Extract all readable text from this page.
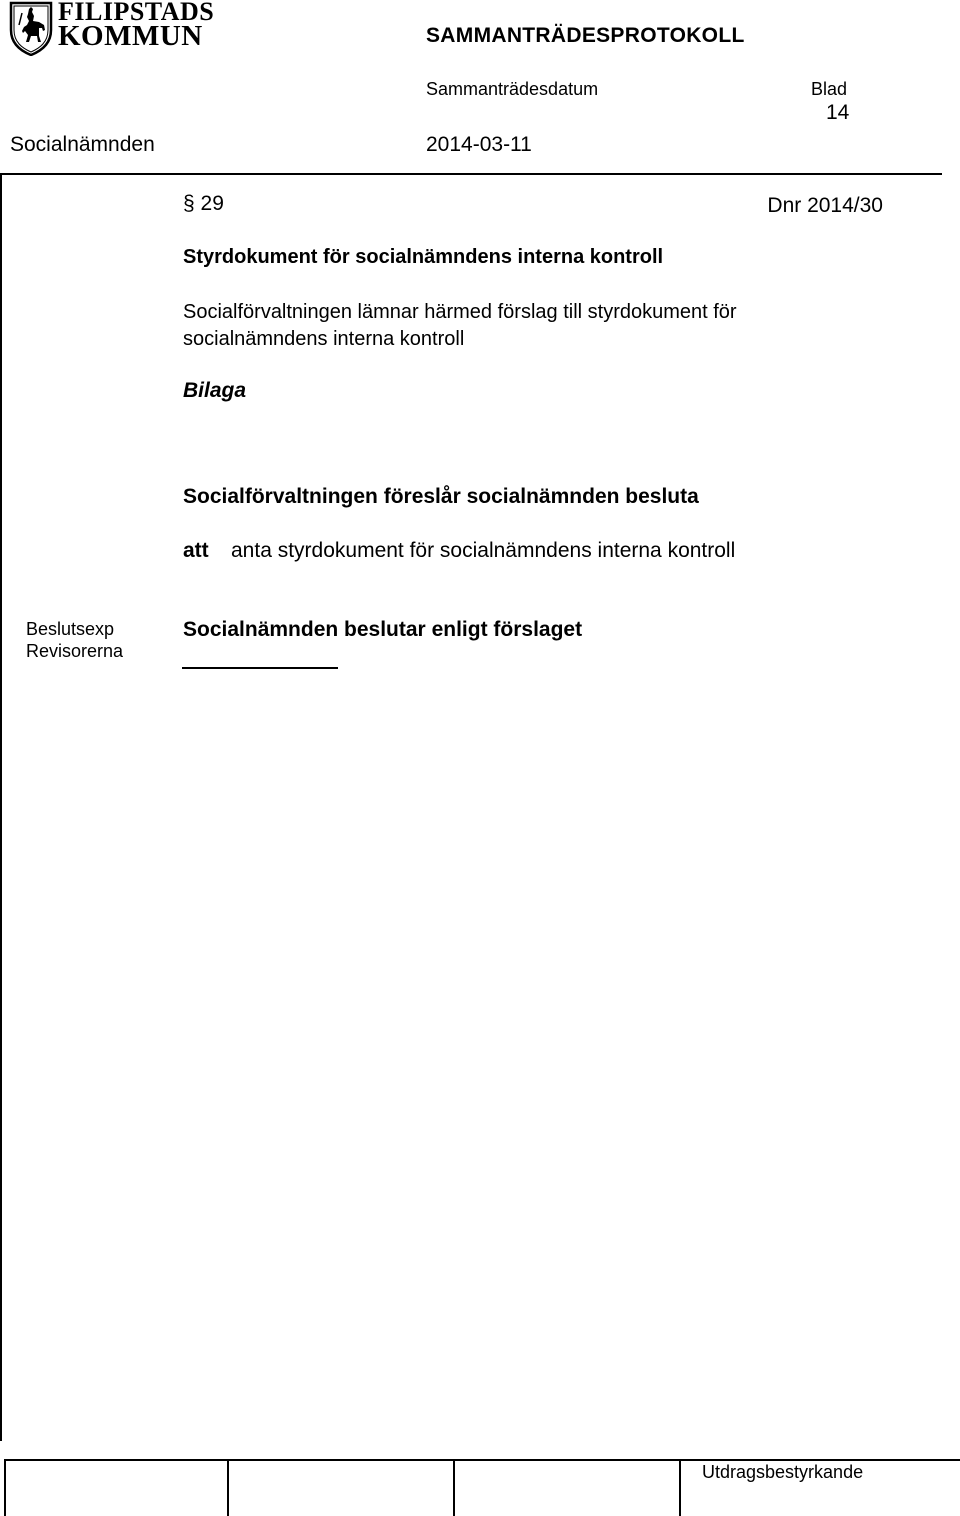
FILIPSTADS
KOMMUN	SAMMANTRÄDESPROTOKOLL
Sammanträdesdatum	Blad
14
Socialnämnden	2014-03-11
§ 29	Dnr 2014/30
Styrdokument för socialnämndens interna kontroll
Socialförvaltningen lämnar härmed förslag till styrdokument för socialnämndens interna kontroll
Bilaga
Socialförvaltningen föreslår socialnämnden besluta
att anta styrdokument för socialnämndens interna kontroll
Beslutsexp
Revisorerna
Socialnämnden beslutar enligt förslaget
Utdragsbestyrkande
